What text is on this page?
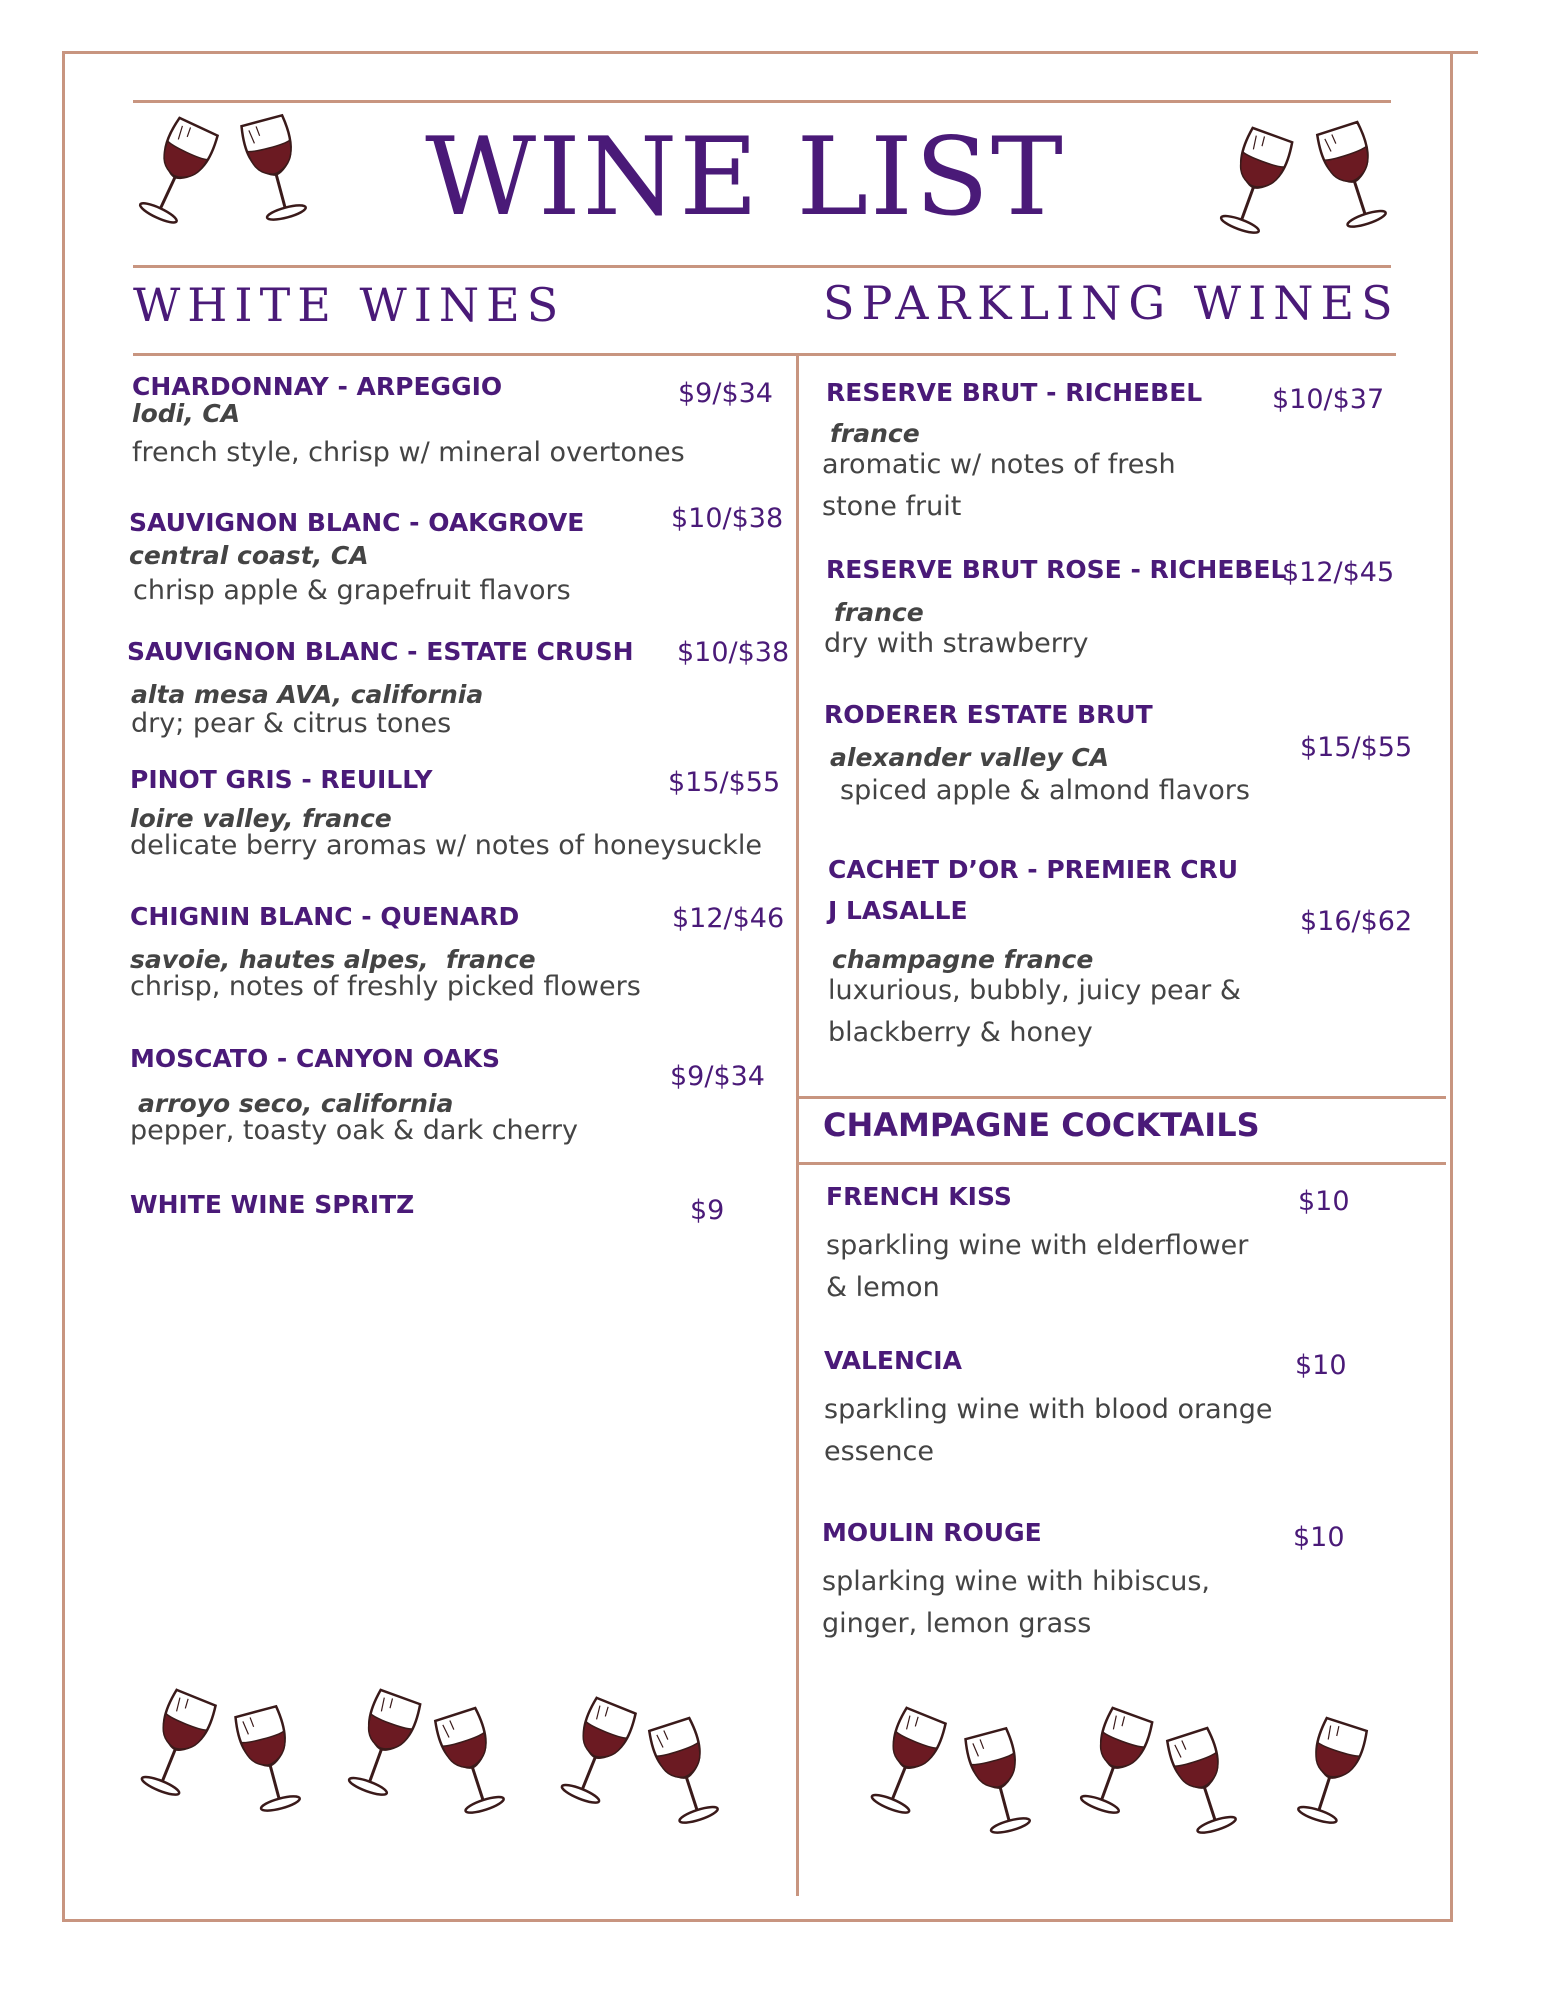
WINE LIST
WHITE WINES	SPARKLING WINES
CHARDONNAY - ARPEGGIO
lodi, CA
french style, chrisp w/ mineral overtones
$9/$34
SAUVIGNON BLANC - OAKGROVE
central coast, CA
chrisp apple & grapefruit flavors
$10/$38
SAUVIGNON BLANC - ESTATE CRUSH
alta mesa AVA, california
dry; pear & citrus tones
$10/$38
PINOT GRIS - REUILLY
loire valley, france
delicate berry aromas w/ notes of honeysuckle
$15/$55
CHIGNIN BLANC - QUENARD
savoie, hautes alpes,  france
chrisp, notes of freshly picked flowers
$12/$46
MOSCATO - CANYON OAKS
arroyo seco, california
pepper, toasty oak & dark cherry
$9/$34
WHITE WINE SPRITZ	$9
RESERVE BRUT - RICHEBEL
france
aromatic w/ notes of fresh
stone fruit
$10/$37
RESERVE BRUT ROSE - RICHEBEL
france
dry with strawberry
$12/$45
RODERER ESTATE BRUT
alexander valley CA
spiced apple & almond flavors
$15/$55
CACHET D’OR - PREMIER CRU
J LASALLE
champagne france
luxurious, bubbly, juicy pear &
blackberry & honey
$16/$62
CHAMPAGNE COCKTAILS
FRENCH KISS
sparkling wine with elderflower
& lemon
$10
VALENCIA
sparkling wine with blood orange
essence
$10
MOULIN ROUGE
splarking wine with hibiscus,
ginger, lemon grass
$10
